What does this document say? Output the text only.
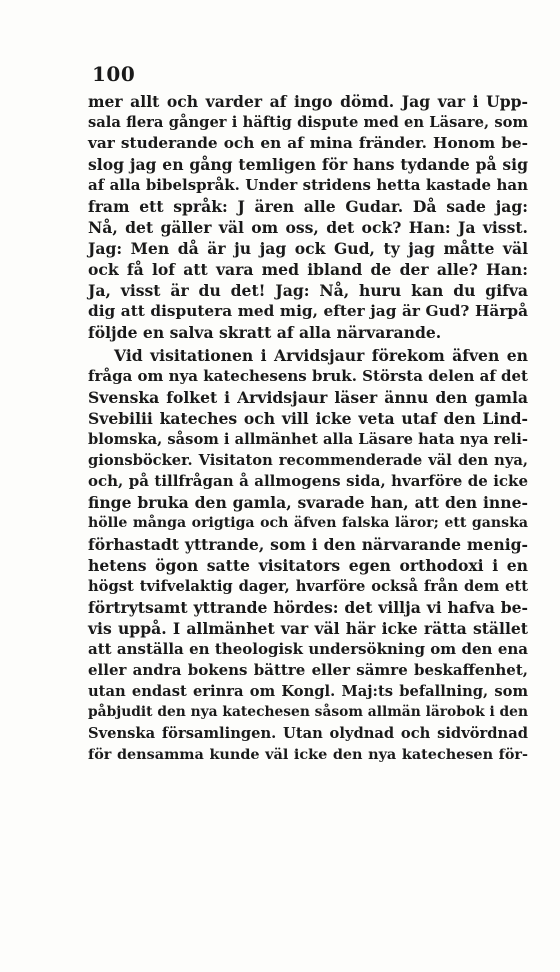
100
mer allt och varder af ingo dömd. Jag var i Upp-
sala flera gånger i häftig dispute med en Läsare, som
var studerande och en af mina fränder. Honom be-
slog jag en gång temligen för hans tydande på sig
af alla bibelspråk. Under stridens hetta kastade han
fram ett språk: J ären alle Gudar. Då sade jag:
Nå, det gäller väl om oss, det ock? Han: Ja visst.
Jag: Men då är ju jag ock Gud, ty jag måtte väl
ock få lof att vara med ibland de der alle? Han:
Ja, visst är du det! Jag: Nå, huru kan du gifva
dig att disputera med mig, efter jag är Gud? Härpå
följde en salva skratt af alla närvarande.
Vid visitationen i Arvidsjaur förekom äfven en
fråga om nya katechesens bruk. Största delen af det
Svenska folket i Arvidsjaur läser ännu den gamla
Svebilii kateches och vill icke veta utaf den Lind-
blomska, såsom i allmänhet alla Läsare hata nya reli-
gionsböcker. Visitaton recommenderade väl den nya,
och, på tillfrågan å allmogens sida, hvarföre de icke
finge bruka den gamla, svarade han, att den inne-
hölle många origtiga och äfven falska läror; ett ganska
förhastadt yttrande, som i den närvarande menig-
hetens ögon satte visitators egen orthodoxi i en
högst tvifvelaktig dager, hvarföre också från dem ett
förtrytsamt yttrande hördes: det villja vi hafva be-
vis uppå. I allmänhet var väl här icke rätta stället
att anställa en theologisk undersökning om den ena
eller andra bokens bättre eller sämre beskaffenhet,
utan endast erinra om Kongl. Maj:ts befallning, som
påbjudit den nya katechesen såsom allmän lärobok i den
Svenska församlingen. Utan olydnad och sidvördnad
för densamma kunde väl icke den nya katechesen för-
